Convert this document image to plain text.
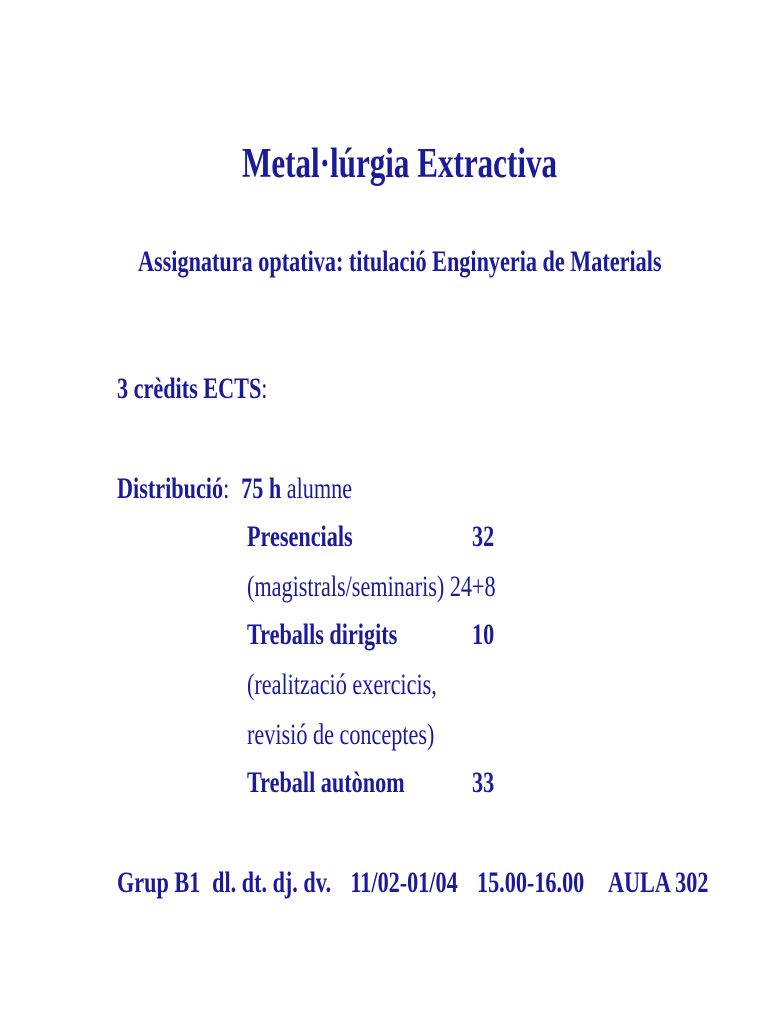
Metal·lúrgia Extractiva
Assignatura optativa: titulació Enginyeria de Materials
3 crèdits ECTS:
Distribució: 75 h alumne
Presencials	32
(magistrals/seminaris) 24+8
Treballs dirigits 10
(realització exercicis,
revisió de conceptes)
Treball autònom 33
Grup B1 dl. dt. dj. dv. 11/02-01/04 15.00-16.00 AULA 302
